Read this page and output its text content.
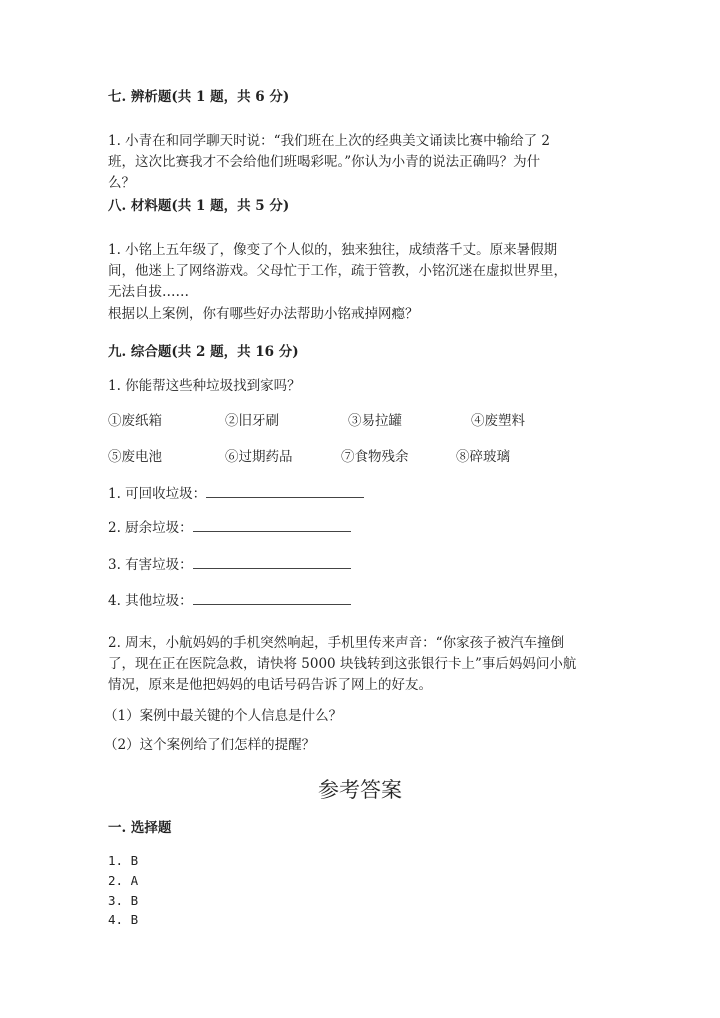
七. 辨析题(共 1 题，共 6 分)
1. 小青在和同学聊天时说：“我们班在上次的经典美文诵读比赛中输给了 2
班，这次比赛我才不会给他们班喝彩呢。”你认为小青的说法正确吗？为什
么？
八. 材料题(共 1 题，共 5 分)
1. 小铭上五年级了，像变了个人似的，独来独往，成绩落千丈。原来暑假期
间，他迷上了网络游戏。父母忙于工作，疏于管教，小铭沉迷在虚拟世界里，
无法自拔……
根据以上案例，你有哪些好办法帮助小铭戒掉网瘾？
九. 综合题(共 2 题，共 16 分)
1. 你能帮这些种垃圾找到家吗？
①废纸箱	②旧牙刷	③易拉罐	④废塑料
⑤废电池	⑥过期药品	⑦食物残余	⑧碎玻璃
1. 可回收垃圾：
2. 厨余垃圾：
3. 有害垃圾：
4. 其他垃圾：
2. 周末，小航妈妈的手机突然响起，手机里传来声音：“你家孩子被汽车撞倒
了，现在正在医院急救，请快将 5000 块钱转到这张银行卡上”事后妈妈问小航
情况，原来是他把妈妈的电话号码告诉了网上的好友。
（1）案例中最关键的个人信息是什么？
（2）这个案例给了们怎样的提醒？
参考答案
一. 选择题
1. B
2. A
3. B
4. B
